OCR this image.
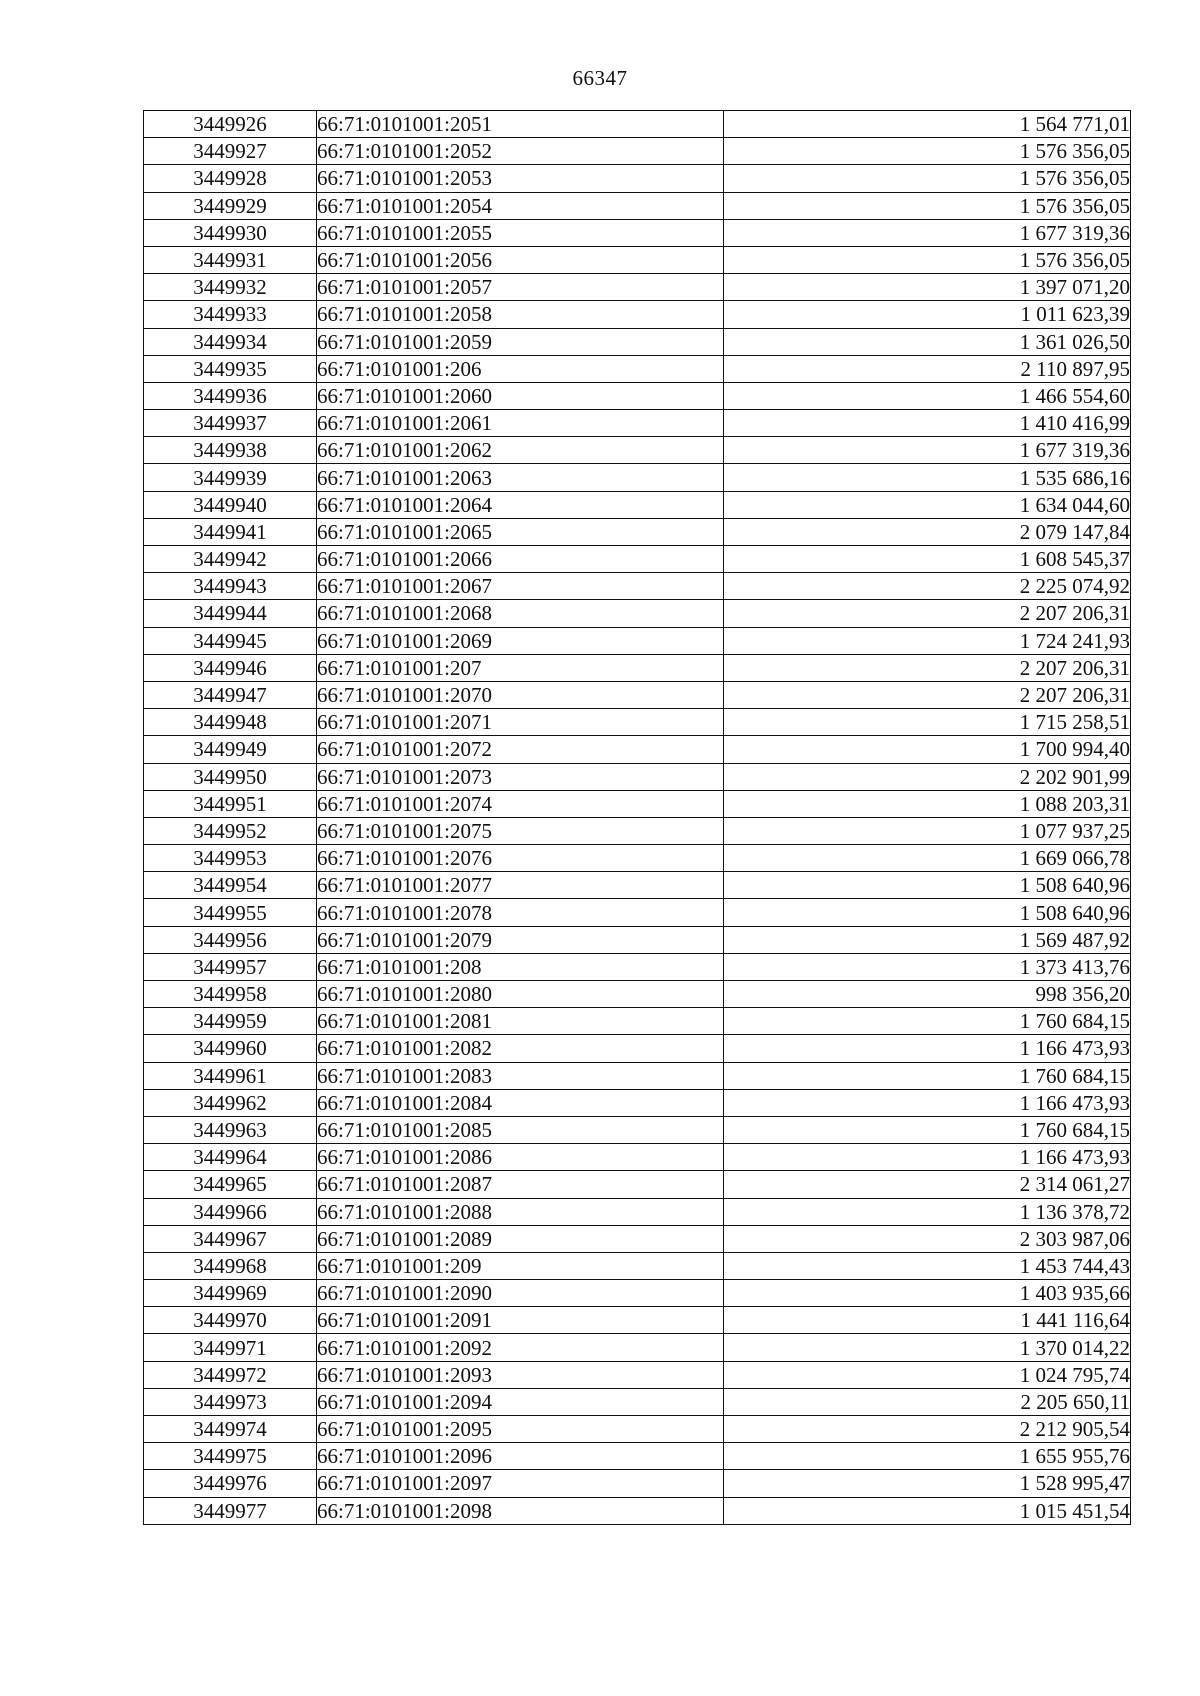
66347
3449926	66:71:0101001:2051	1 564 771,01
3449927	66:71:0101001:2052	1 576 356,05
3449928	66:71:0101001:2053	1 576 356,05
3449929	66:71:0101001:2054	1 576 356,05
3449930	66:71:0101001:2055	1 677 319,36
3449931	66:71:0101001:2056	1 576 356,05
3449932	66:71:0101001:2057	1 397 071,20
3449933	66:71:0101001:2058	1 011 623,39
3449934	66:71:0101001:2059	1 361 026,50
3449935	66:71:0101001:206	2 110 897,95
3449936	66:71:0101001:2060	1 466 554,60
3449937	66:71:0101001:2061	1 410 416,99
3449938	66:71:0101001:2062	1 677 319,36
3449939	66:71:0101001:2063	1 535 686,16
3449940	66:71:0101001:2064	1 634 044,60
3449941	66:71:0101001:2065	2 079 147,84
3449942	66:71:0101001:2066	1 608 545,37
3449943	66:71:0101001:2067	2 225 074,92
3449944	66:71:0101001:2068	2 207 206,31
3449945	66:71:0101001:2069	1 724 241,93
3449946	66:71:0101001:207	2 207 206,31
3449947	66:71:0101001:2070	2 207 206,31
3449948	66:71:0101001:2071	1 715 258,51
3449949	66:71:0101001:2072	1 700 994,40
3449950	66:71:0101001:2073	2 202 901,99
3449951	66:71:0101001:2074	1 088 203,31
3449952	66:71:0101001:2075	1 077 937,25
3449953	66:71:0101001:2076	1 669 066,78
3449954	66:71:0101001:2077	1 508 640,96
3449955	66:71:0101001:2078	1 508 640,96
3449956	66:71:0101001:2079	1 569 487,92
3449957	66:71:0101001:208	1 373 413,76
3449958	66:71:0101001:2080	998 356,20
3449959	66:71:0101001:2081	1 760 684,15
3449960	66:71:0101001:2082	1 166 473,93
3449961	66:71:0101001:2083	1 760 684,15
3449962	66:71:0101001:2084	1 166 473,93
3449963	66:71:0101001:2085	1 760 684,15
3449964	66:71:0101001:2086	1 166 473,93
3449965	66:71:0101001:2087	2 314 061,27
3449966	66:71:0101001:2088	1 136 378,72
3449967	66:71:0101001:2089	2 303 987,06
3449968	66:71:0101001:209	1 453 744,43
3449969	66:71:0101001:2090	1 403 935,66
3449970	66:71:0101001:2091	1 441 116,64
3449971	66:71:0101001:2092	1 370 014,22
3449972	66:71:0101001:2093	1 024 795,74
3449973	66:71:0101001:2094	2 205 650,11
3449974	66:71:0101001:2095	2 212 905,54
3449975	66:71:0101001:2096	1 655 955,76
3449976	66:71:0101001:2097	1 528 995,47
3449977	66:71:0101001:2098	1 015 451,54
